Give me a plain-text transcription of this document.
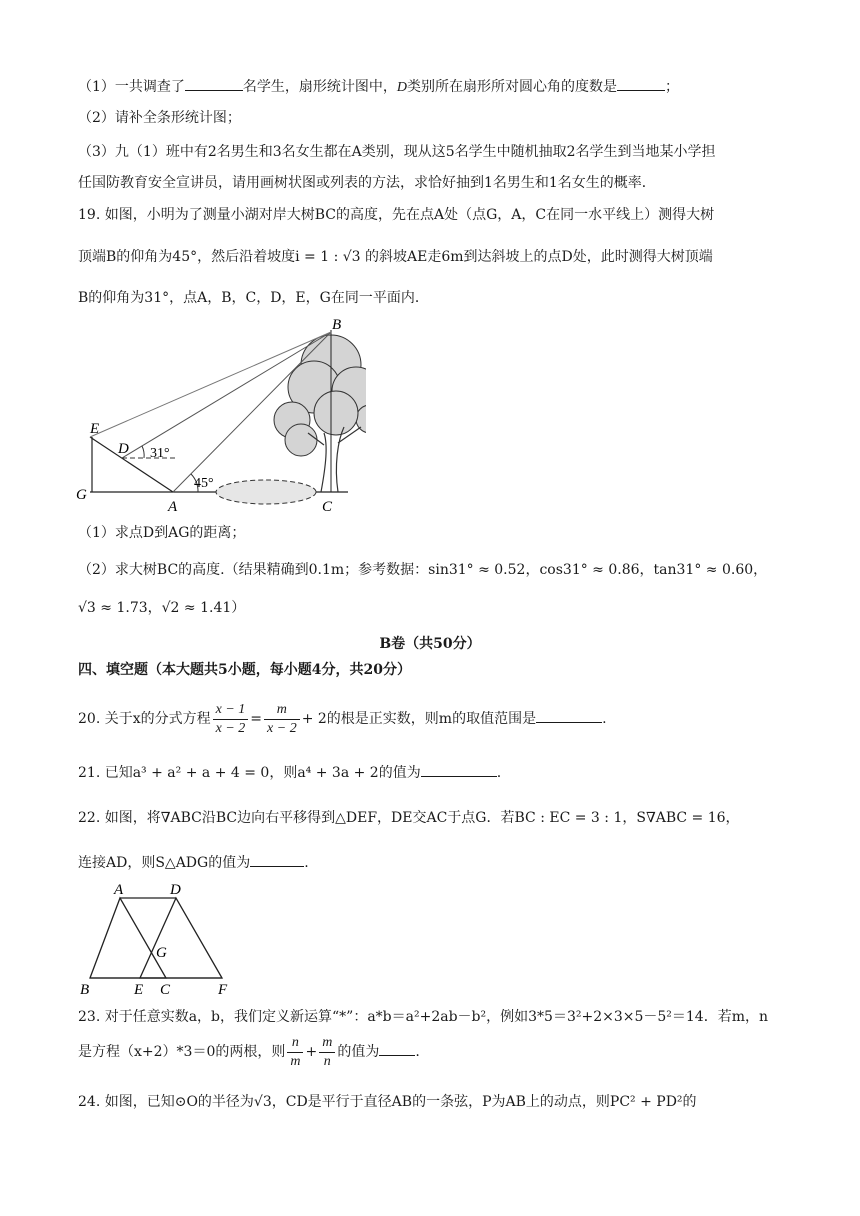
（1）一共调查了	名学生，扇形统计图中，D类别所在扇形所对圆心角的度数是	；
（2）请补全条形统计图；
（3）九（1）班中有2名男生和3名女生都在A类别，现从这5名学生中随机抽取2名学生到当地某小学担
任国防教育安全宣讲员，请用画树状图或列表的方法，求恰好抽到1名男生和1名女生的概率．
19. 如图，小明为了测量小湖对岸大树BC的高度，先在点A处（点G，A，C在同一水平线上）测得大树
顶端B的仰角为45°，然后沿着坡度i = 1 : √3 的斜坡AE走6m到达斜坡上的点D处，此时测得大树顶端
B的仰角为31°，点A，B，C，D，E，G在同一平面内．
B
E
D
G
A	C
31°
45°
（1）求点D到AG的距离；
（2）求大树BC的高度.（结果精确到0.1m；参考数据：sin31° ≈ 0.52，cos31° ≈ 0.86，tan31° ≈ 0.60，
√3 ≈ 1.73，√2 ≈ 1.41）
B卷（共50分）
四、填空题（本大题共5小题，每小题4分，共20分）
20. 关于x的分式方程 $\frac{x - 1}{x - 2} = \frac{m}{x - 2} + 2$的根是正实数，则m的取值范围是	.
21. 已知a³ + a² + a + 4 = 0，则a⁴ + 3a + 2的值为	.
22. 如图，将∇ABC沿BC边向右平移得到△DEF，DE交AC于点G．若BC : EC = 3 : 1，S∇ABC = 16，
连接AD，则S△ADG的值为	.
A	D
G
B	E C	F
23. 对于任意实数a，b，我们定义新运算“*”：a*b＝a²+2ab－b²，例如3*5＝3²+2×3×5－5²＝14．若m，n
是方程（x+2）*3＝0的两根，则 $\frac{n}{m} + \frac{m}{n}$ 的值为	.
24. 如图，已知⊙O的半径为√3，CD是平行于直径AB的一条弦，P为AB上的动点，则PC² + PD²的
